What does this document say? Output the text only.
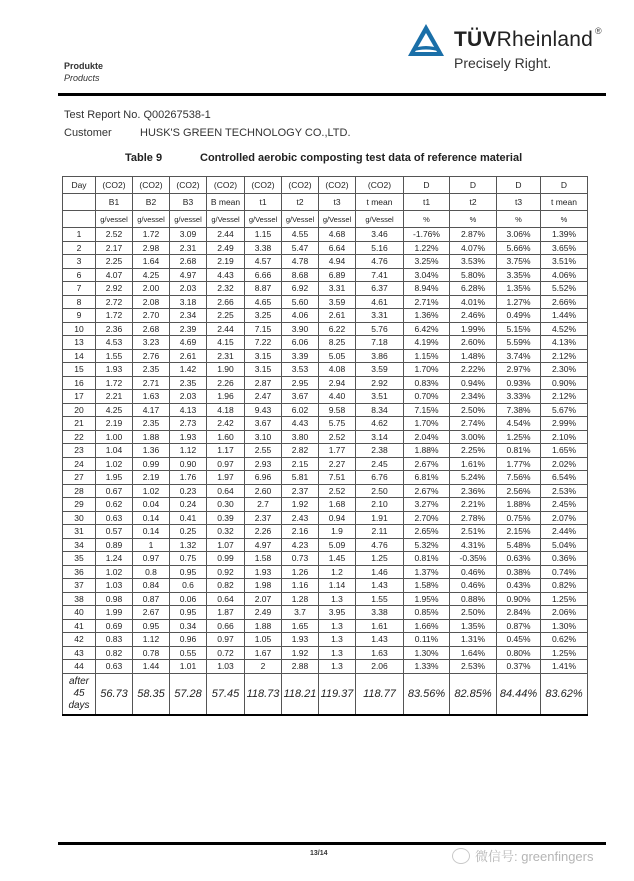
TÜVRheinland ®
Precisely Right.
Produkte
Products
Test Report No. Q00267538-1
Customer	HUSK'S GREEN TECHNOLOGY CO.,LTD.
Table 9	Controlled aerobic composting test data of reference material
Day	(CO2)	(CO2)	(CO2)	(CO2)	(CO2)	(CO2)	(CO2)	(CO2)	D	D	D	D
	B1	B2	B3	B mean	t1	t2	t3	t mean	t1	t2	t3	t mean
	g/vessel	g/vessel	g/vessel	g/Vessel	g/Vessel	g/Vessel	g/Vessel	g/Vessel	%	%	%	%
1	2.52	1.72	3.09	2.44	1.15	4.55	4.68	3.46	-1.76%	2.87%	3.06%	1.39%
2	2.17	2.98	2.31	2.49	3.38	5.47	6.64	5.16	1.22%	4.07%	5.66%	3.65%
3	2.25	1.64	2.68	2.19	4.57	4.78	4.94	4.76	3.25%	3.53%	3.75%	3.51%
6	4.07	4.25	4.97	4.43	6.66	8.68	6.89	7.41	3.04%	5.80%	3.35%	4.06%
7	2.92	2.00	2.03	2.32	8.87	6.92	3.31	6.37	8.94%	6.28%	1.35%	5.52%
8	2.72	2.08	3.18	2.66	4.65	5.60	3.59	4.61	2.71%	4.01%	1.27%	2.66%
9	1.72	2.70	2.34	2.25	3.25	4.06	2.61	3.31	1.36%	2.46%	0.49%	1.44%
10	2.36	2.68	2.39	2.44	7.15	3.90	6.22	5.76	6.42%	1.99%	5.15%	4.52%
13	4.53	3.23	4.69	4.15	7.22	6.06	8.25	7.18	4.19%	2.60%	5.59%	4.13%
14	1.55	2.76	2.61	2.31	3.15	3.39	5.05	3.86	1.15%	1.48%	3.74%	2.12%
15	1.93	2.35	1.42	1.90	3.15	3.53	4.08	3.59	1.70%	2.22%	2.97%	2.30%
16	1.72	2.71	2.35	2.26	2.87	2.95	2.94	2.92	0.83%	0.94%	0.93%	0.90%
17	2.21	1.63	2.03	1.96	2.47	3.67	4.40	3.51	0.70%	2.34%	3.33%	2.12%
20	4.25	4.17	4.13	4.18	9.43	6.02	9.58	8.34	7.15%	2.50%	7.38%	5.67%
21	2.19	2.35	2.73	2.42	3.67	4.43	5.75	4.62	1.70%	2.74%	4.54%	2.99%
22	1.00	1.88	1.93	1.60	3.10	3.80	2.52	3.14	2.04%	3.00%	1.25%	2.10%
23	1.04	1.36	1.12	1.17	2.55	2.82	1.77	2.38	1.88%	2.25%	0.81%	1.65%
24	1.02	0.99	0.90	0.97	2.93	2.15	2.27	2.45	2.67%	1.61%	1.77%	2.02%
27	1.95	2.19	1.76	1.97	6.96	5.81	7.51	6.76	6.81%	5.24%	7.56%	6.54%
28	0.67	1.02	0.23	0.64	2.60	2.37	2.52	2.50	2.67%	2.36%	2.56%	2.53%
29	0.62	0.04	0.24	0.30	2.7	1.92	1.68	2.10	3.27%	2.21%	1.88%	2.45%
30	0.63	0.14	0.41	0.39	2.37	2.43	0.94	1.91	2.70%	2.78%	0.75%	2.07%
31	0.57	0.14	0.25	0.32	2.26	2.16	1.9	2.11	2.65%	2.51%	2.15%	2.44%
34	0.89	1	1.32	1.07	4.97	4.23	5.09	4.76	5.32%	4.31%	5.48%	5.04%
35	1.24	0.97	0.75	0.99	1.58	0.73	1.45	1.25	0.81%	-0.35%	0.63%	0.36%
36	1.02	0.8	0.95	0.92	1.93	1.26	1.2	1.46	1.37%	0.46%	0.38%	0.74%
37	1.03	0.84	0.6	0.82	1.98	1.16	1.14	1.43	1.58%	0.46%	0.43%	0.82%
38	0.98	0.87	0.06	0.64	2.07	1.28	1.3	1.55	1.95%	0.88%	0.90%	1.25%
40	1.99	2.67	0.95	1.87	2.49	3.7	3.95	3.38	0.85%	2.50%	2.84%	2.06%
41	0.69	0.95	0.34	0.66	1.88	1.65	1.3	1.61	1.66%	1.35%	0.87%	1.30%
42	0.83	1.12	0.96	0.97	1.05	1.93	1.3	1.43	0.11%	1.31%	0.45%	0.62%
43	0.82	0.78	0.55	0.72	1.67	1.92	1.3	1.63	1.30%	1.64%	0.80%	1.25%
44	0.63	1.44	1.01	1.03	2	2.88	1.3	2.06	1.33%	2.53%	0.37%	1.41%
after 45 days	56.73	58.35	57.28	57.45	118.73	118.21	119.37	118.77	83.56%	82.85%	84.44%	83.62%
13/14	微信号: greenfingers
